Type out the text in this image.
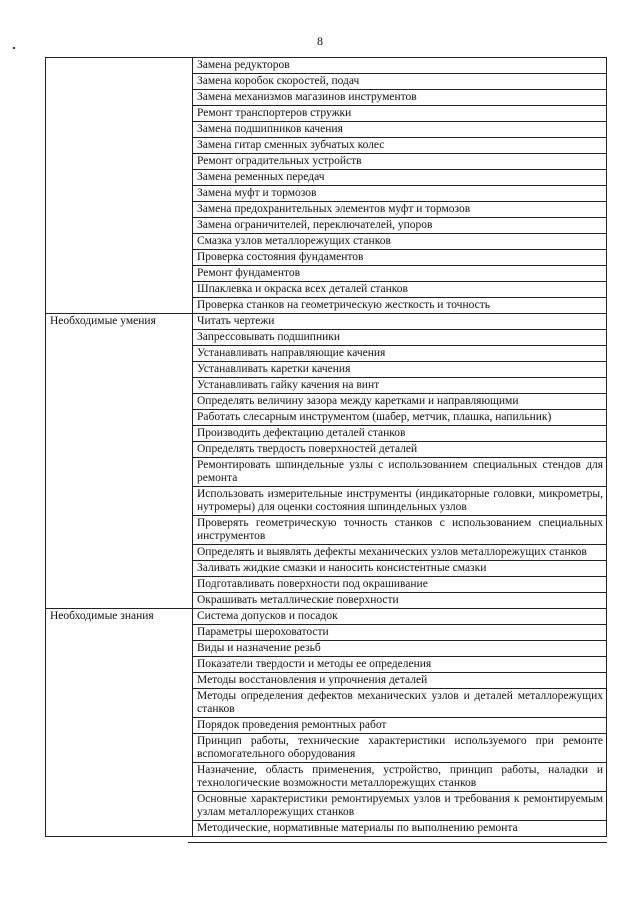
8
	Замена редукторов
	Замена коробок скоростей, подач
	Замена механизмов магазинов инструментов
	Ремонт транспортеров стружки
	Замена подшипников качения
	Замена гитар сменных зубчатых колес
	Ремонт оградительных устройств
	Замена ременных передач
	Замена муфт и тормозов
	Замена предохранительных элементов муфт и тормозов
	Замена ограничителей, переключателей, упоров
	Смазка узлов металлорежущих станков
	Проверка состояния фундаментов
	Ремонт фундаментов
	Шпаклевка и окраска всех деталей станков
	Проверка станков на геометрическую жесткость и точность
Необходимые умения	Читать чертежи
	Запрессовывать подшипники
	Устанавливать направляющие качения
	Устанавливать каретки качения
	Устанавливать гайку качения на винт
	Определять величину зазора между каретками и направляющими
	Работать слесарным инструментом (шабер, метчик, плашка, напильник)
	Производить дефектацию деталей станков
	Определять твердость поверхностей деталей
	Ремонтировать шпиндельные узлы с использованием специальных стендов для ремонта
	Использовать измерительные инструменты (индикаторные головки, микрометры, нутромеры) для оценки состояния шпиндельных узлов
	Проверять геометрическую точность станков с использованием специальных инструментов
	Определять и выявлять дефекты механических узлов металлорежущих станков
	Заливать жидкие смазки и наносить консистентные смазки
	Подготавливать поверхности под окрашивание
	Окрашивать металлические поверхности
Необходимые знания	Система допусков и посадок
	Параметры шероховатости
	Виды и назначение резьб
	Показатели твердости и методы ее определения
	Методы восстановления и упрочнения деталей
	Методы определения дефектов механических узлов и деталей металлорежущих станков
	Порядок проведения ремонтных работ
	Принцип работы, технические характеристики используемого при ремонте вспомогательного оборудования
	Назначение, область применения, устройство, принцип работы, наладки и технологические возможности металлорежущих станков
	Основные характеристики ремонтируемых узлов и требования к ремонтируемым узлам металлорежущих станков
	Методические, нормативные материалы по выполнению ремонта
